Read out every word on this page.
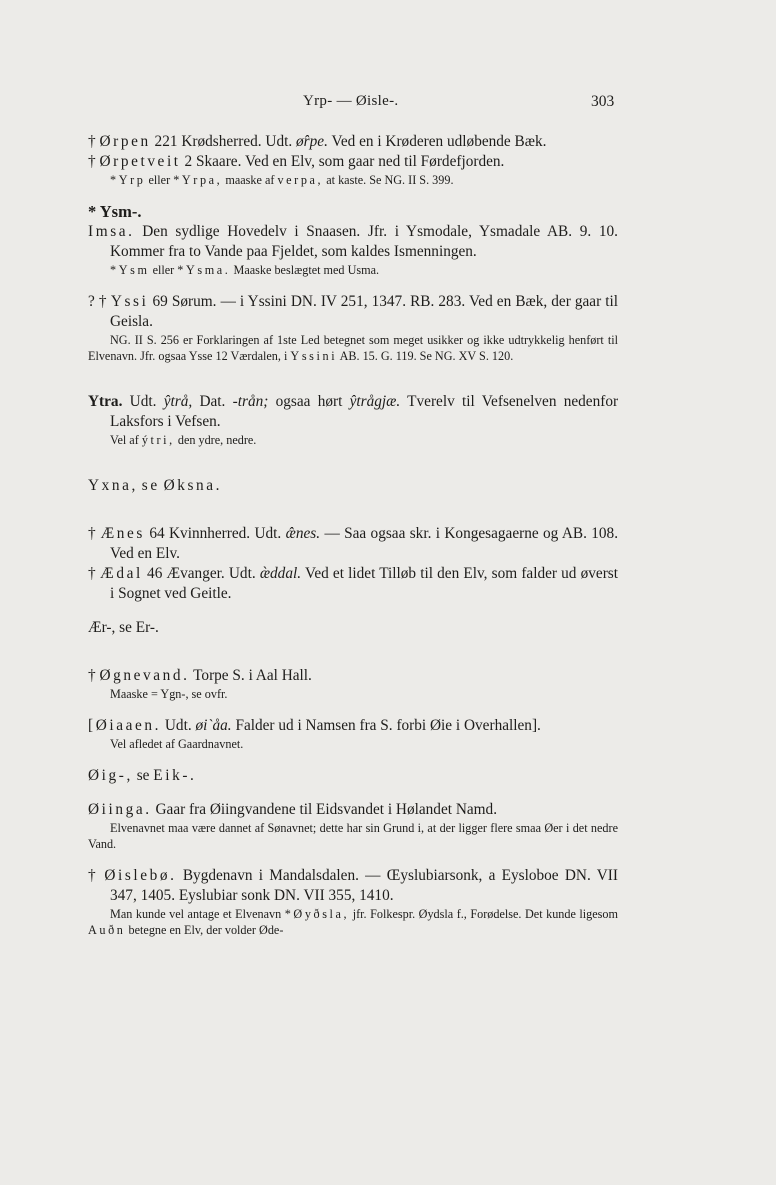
Yrp- — Øisle-.	303

† Ørpen 221 Krødsherred. Udt. ø̂rpe. Ved en i Krøderen udløbende Bæk.

† Ørpetveit 2 Skaare. Ved en Elv, som gaar ned til Førdefjorden.

*Yrp eller *Yrpa, maaske af verpa, at kaste. Se NG. II S. 399.

* Ysm-.

Imsa. Den sydlige Hovedelv i Snaasen. Jfr. i Ysmodale, Ysmadale AB. 9. 10. Kommer fra to Vande paa Fjeldet, som kaldes Ismenningen.

*Ysm eller *Ysma. Maaske beslægtet med Usma.

? † Yssi 69 Sørum. — i Yssini DN. IV 251, 1347. RB. 283. Ved en Bæk, der gaar til Geisla.

NG. II S. 256 er Forklaringen af 1ste Led betegnet som meget usikker og ikke udtrykkelig henført til Elvenavn. Jfr. ogsaa Ysse 12 Værdalen, i Yssini AB. 15. G. 119. Se NG. XV S. 120.

Ytra. Udt. ŷtrå, Dat. -trån; ogsaa hørt ŷtrågjæ. Tverelv til Vefsenelven nedenfor Laksfors i Vefsen.

Vel af ýtri, den ydre, nedre.

Yxna, se Øksna.

† Ænes 64 Kvinnherred. Udt. æ̂nes. — Saa ogsaa skr. i Kongesagaerne og AB. 108. Ved en Elv.

† Ædal 46 Ævanger. Udt. æ̀ddal. Ved et lidet Tilløb til den Elv, som falder ud øverst i Sognet ved Geitle.

Ær-, se Er-.

† Øgnevand. Torpe S. i Aal Hall.

Maaske = Ygn-, se ovfr.

[Øiaaen. Udt. øi`åa. Falder ud i Namsen fra S. forbi Øie i Overhallen].

Vel afledet af Gaardnavnet.

Øig-, se Eik-.

Øiinga. Gaar fra Øiingvandene til Eidsvandet i Hølandet Namd.

Elvenavnet maa være dannet af Sønavnet; dette har sin Grund i, at der ligger flere smaa Øer i det nedre Vand.

† Øislebø. Bygdenavn i Mandalsdalen. — Œyslubiarsonk, a Eysloboe DN. VII 347, 1405. Eyslubiar sonk DN. VII 355, 1410.

Man kunde vel antage et Elvenavn *Øyðsla, jfr. Folkespr. Øydsla f., Forødelse. Det kunde ligesom Auðn betegne en Elv, der volder Øde-
